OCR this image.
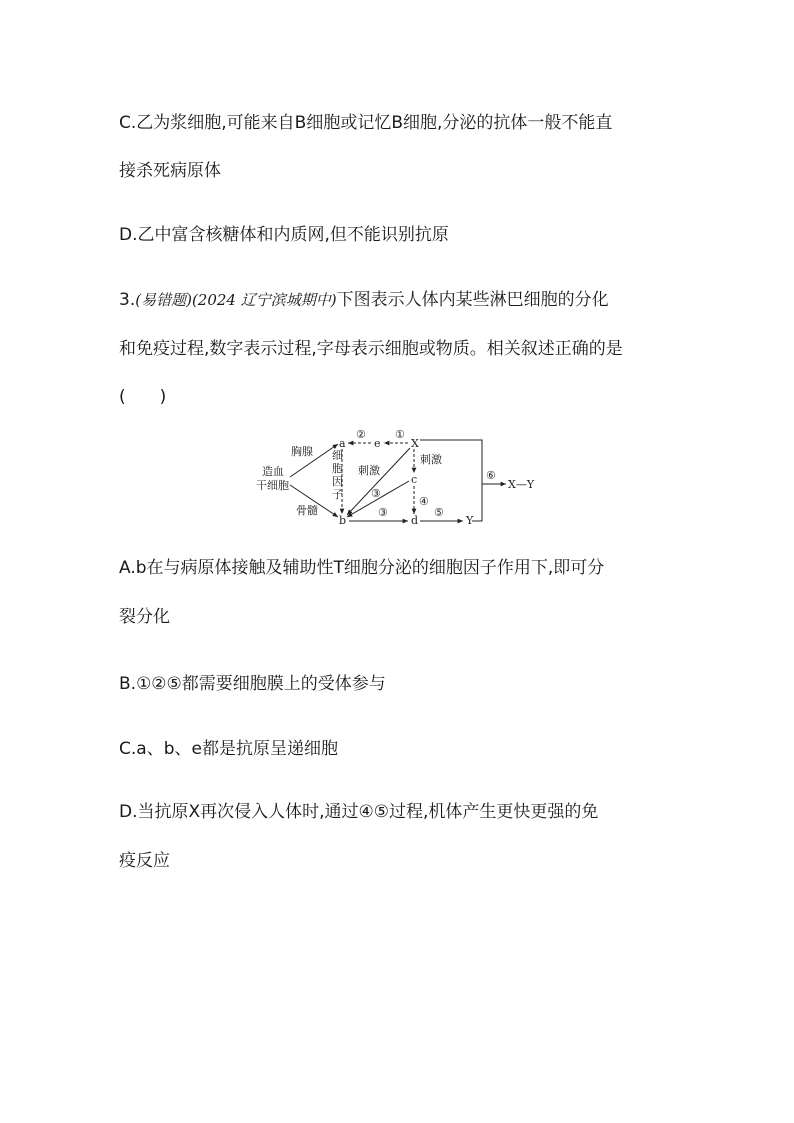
C.乙为浆细胞,可能来自B细胞或记忆B细胞,分泌的抗体一般不能直
接杀死病原体
D.乙中富含核糖体和内质网,但不能识别抗原
3.(易错题)(2024 辽宁滨城期中)下图表示人体内某些淋巴细胞的分化
和免疫过程,数字表示过程,字母表示细胞或物质。相关叙述正确的是
(　　)
造血
干细胞
胸腺
骨髓
a
b
e	X
c
d	Y
X—Y
①
②
细
胞
因
子
刺激
刺激
③
④
③	⑤
⑥
A.b在与病原体接触及辅助性T细胞分泌的细胞因子作用下,即可分
裂分化
B.①②⑤都需要细胞膜上的受体参与
C.a、b、e都是抗原呈递细胞
D.当抗原X再次侵入人体时,通过④⑤过程,机体产生更快更强的免
疫反应
